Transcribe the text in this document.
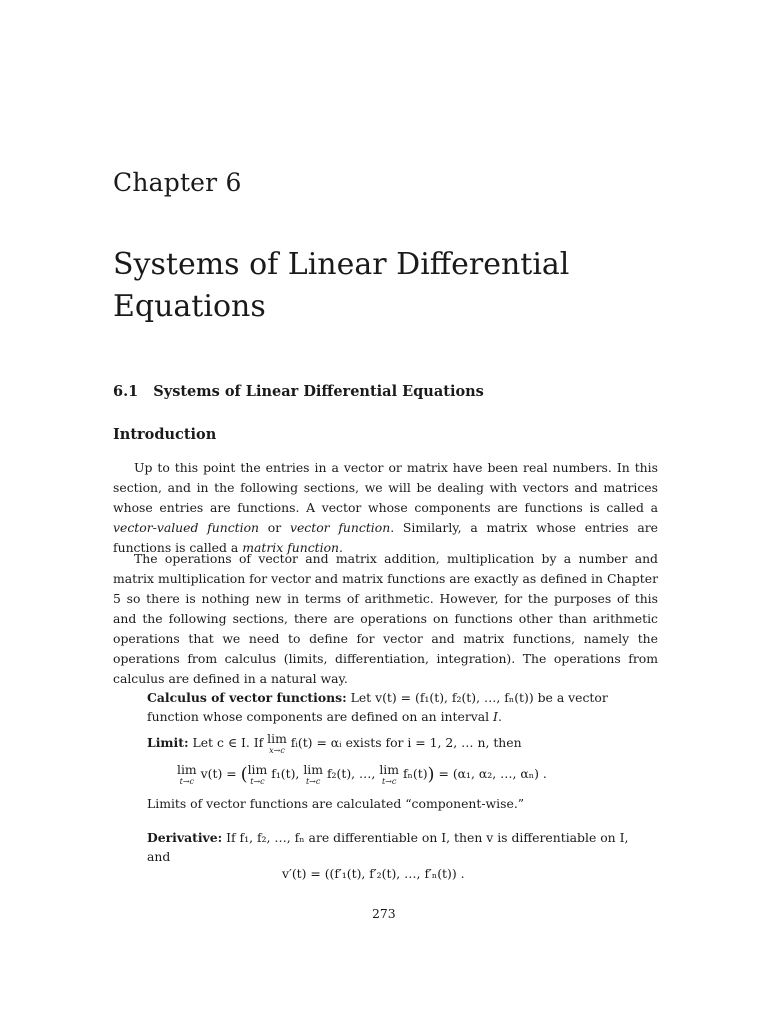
Chapter 6
Systems of Linear Differential Equations
6.1 Systems of Linear Differential Equations
Introduction

Up to this point the entries in a vector or matrix have been real numbers. In this section, and in the following sections, we will be dealing with vectors and matrices whose entries are functions. A vector whose components are functions is called a vector-valued function or vector function. Similarly, a matrix whose entries are functions is called a matrix function.

The operations of vector and matrix addition, multiplication by a number and matrix multiplication for vector and matrix functions are exactly as defined in Chapter 5 so there is nothing new in terms of arithmetic. However, for the purposes of this and the following sections, there are operations on functions other than arithmetic operations that we need to define for vector and matrix functions, namely the operations from calculus (limits, differentiation, integration). The operations from calculus are defined in a natural way.

Calculus of vector functions: Let v(t) = (f₁(t), f₂(t), …, fₙ(t)) be a vector function whose components are defined on an interval I.
Limit: Let c ∈ I. If lim
x→c
fᵢ(t) = αᵢ exists for i = 1, 2, … n, then
lim
t→c
v(t) = (lim
t→c
f₁(t), lim
t→c
f₂(t), …, lim
t→c
fₙ(t)) = (α₁, α₂, …, αₙ) .
Limits of vector functions are calculated “component-wise.”
Derivative: If f₁, f₂, …, fₙ are differentiable on I, then v is differentiable on I, and
v′(t) = ((f′₁(t), f′₂(t), …, f′ₙ(t)) .
273
